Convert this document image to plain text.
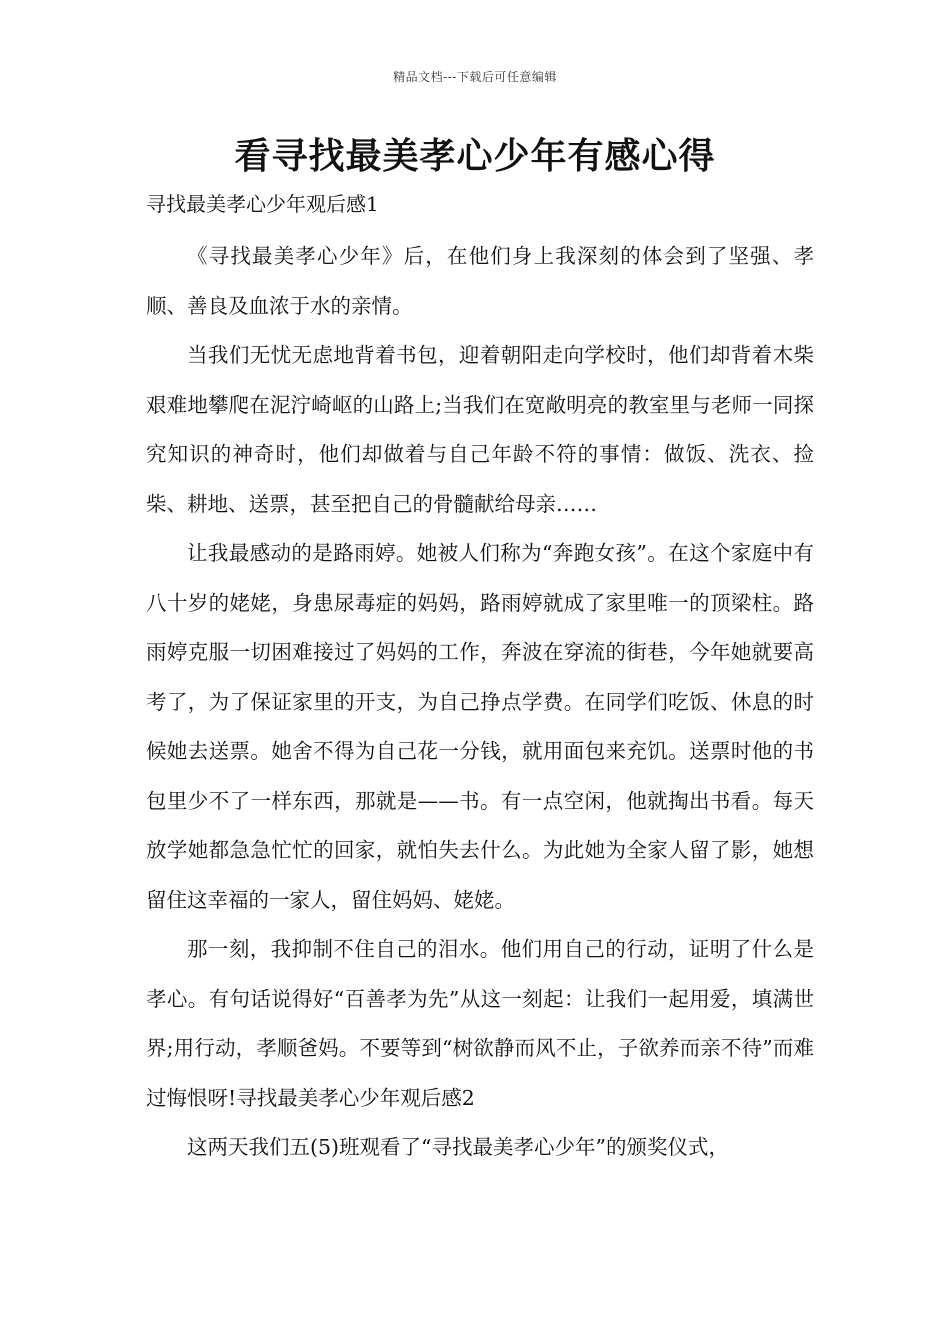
精品文档---下载后可任意编辑
看寻找最美孝心少年有感心得
寻找最美孝心少年观后感1

《寻找最美孝心少年》后，在他们身上我深刻的体会到了坚强、孝顺、善良及血浓于水的亲情。

当我们无忧无虑地背着书包，迎着朝阳走向学校时，他们却背着木柴艰难地攀爬在泥泞崎岖的山路上;当我们在宽敞明亮的教室里与老师一同探究知识的神奇时，他们却做着与自己年龄不符的事情：做饭、洗衣、捡柴、耕地、送票，甚至把自己的骨髓献给母亲……

让我最感动的是路雨婷。她被人们称为“奔跑女孩”。在这个家庭中有八十岁的姥姥，身患尿毒症的妈妈，路雨婷就成了家里唯一的顶梁柱。路雨婷克服一切困难接过了妈妈的工作，奔波在穿流的街巷，今年她就要高考了，为了保证家里的开支，为自己挣点学费。在同学们吃饭、休息的时候她去送票。她舍不得为自己花一分钱，就用面包来充饥。送票时他的书包里少不了一样东西，那就是——书。有一点空闲，他就掏出书看。每天放学她都急急忙忙的回家，就怕失去什么。为此她为全家人留了影，她想留住这幸福的一家人，留住妈妈、姥姥。

那一刻，我抑制不住自己的泪水。他们用自己的行动，证明了什么是孝心。有句话说得好“百善孝为先”从这一刻起：让我们一起用爱，填满世界;用行动，孝顺爸妈。不要等到“树欲静而风不止，子欲养而亲不待”而难过悔恨呀!寻找最美孝心少年观后感2

这两天我们五(5)班观看了“寻找最美孝心少年”的颁奖仪式，
